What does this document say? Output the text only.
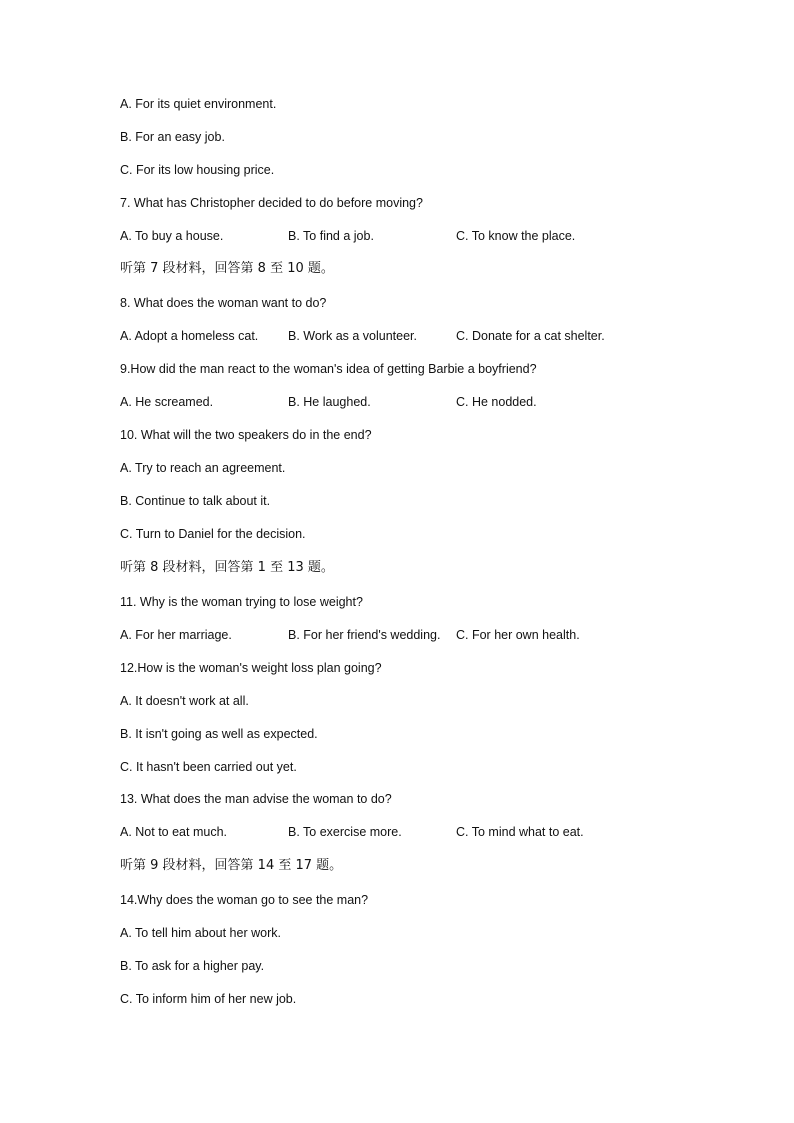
A. For its quiet environment.
B. For an easy job.
C. For its low housing price.
7. What has Christopher decided to do before moving?
A. To buy a house.	B. To find a job.	C. To know the place.
听第 7 段材料，回答第 8 至 10 题。
8. What does the woman want to do?
A. Adopt a homeless cat. B. Work as a volunteer.	C. Donate for a cat shelter.
9.How did the man react to the woman's idea of getting Barbie a boyfriend?
A. He screamed.	B. He laughed.	C. He nodded.
10. What will the two speakers do in the end?
A. Try to reach an agreement.
B. Continue to talk about it.
C. Turn to Daniel for the decision.
听第 8 段材料，回答第 1 至 13 题。
11. Why is the woman trying to lose weight?
A. For her marriage.	B. For her friend's wedding. C. For her own health.
12.How is the woman's weight loss plan going?
A. It doesn't work at all.
B. It isn't going as well as expected.
C. It hasn't been carried out yet.
13. What does the man advise the woman to do?
A. Not to eat much.	B. To exercise more.	C. To mind what to eat.
听第 9 段材料，回答第 14 至 17 题。
14.Why does the woman go to see the man?
A. To tell him about her work.
B. To ask for a higher pay.
C. To inform him of her new job.
